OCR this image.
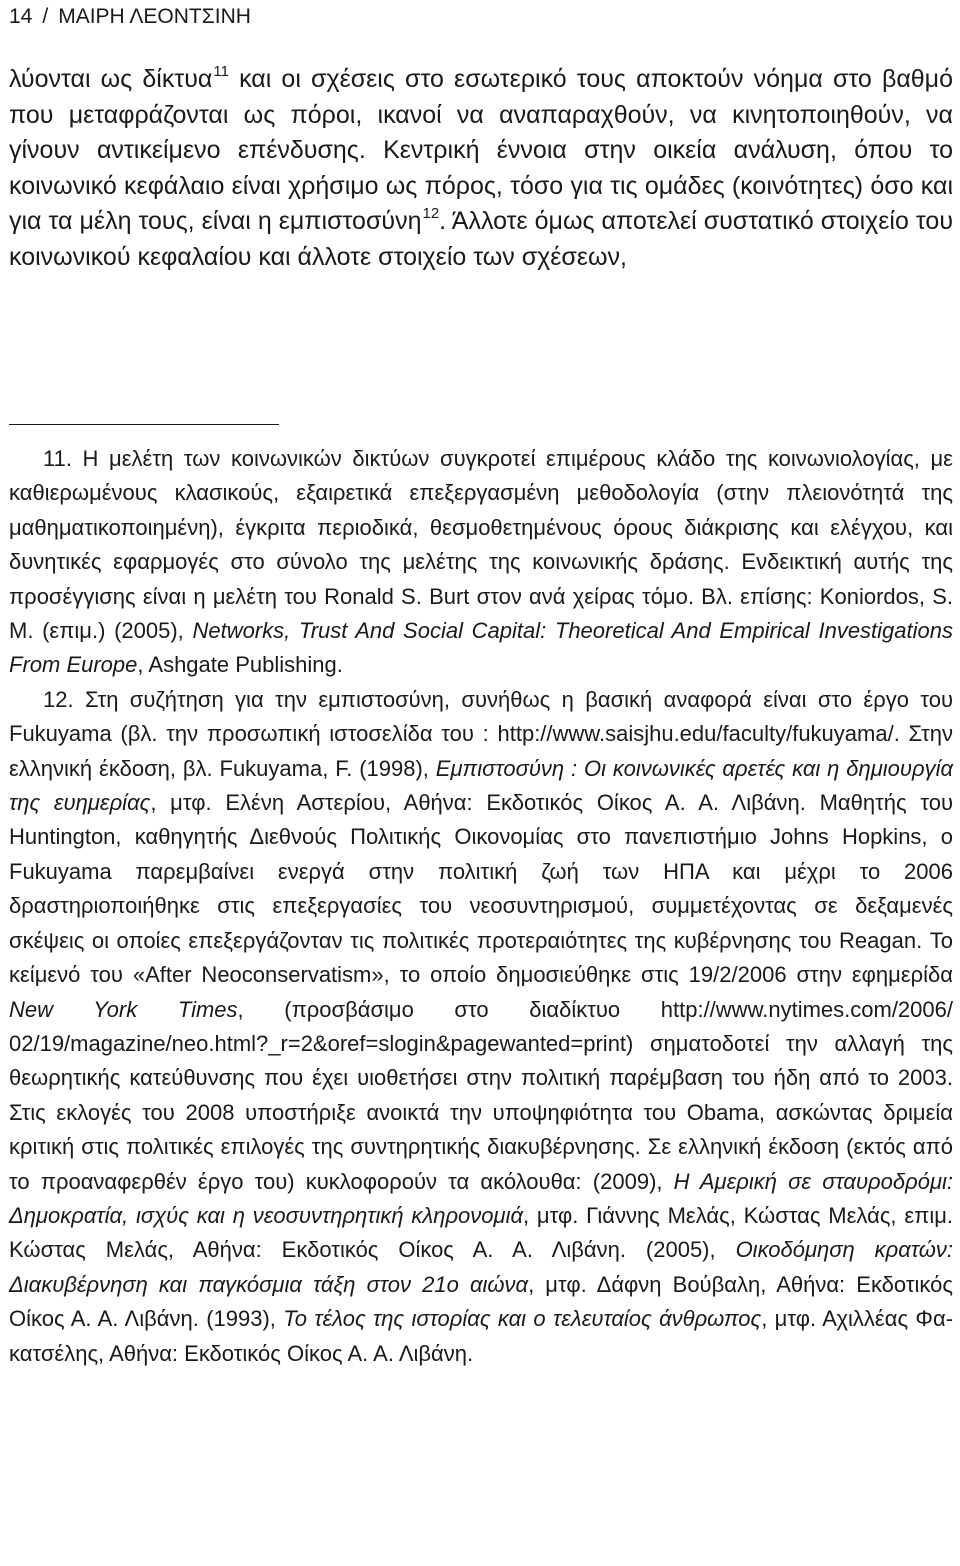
14 / ΜΑΙΡΗ ΛΕΟΝΤΣΙΝΗ

λύονται ως δίκτυα$^{11}$ και οι σχέσεις στο εσωτερικό τους αποκτούν νόημα στο βαθμό που μεταφράζονται ως πόροι, ικανοί να αναπαραχθούν, να κινητοποιηθούν, να γίνουν αντικείμενο επένδυσης. Κεντρική έννοια στην οικεία ανάλυση, όπου το κοινωνικό κεφάλαιο είναι χρήσιμο ως πόρος, τόσο για τις ομάδες (κοινότητες) όσο και για τα μέλη τους, είναι η εμπιστοσύνη$^{12}$. Άλλοτε όμως αποτελεί συστατικό στοιχείο του κοινωνικού κεφαλαίου και άλλοτε στοιχείο των σχέσεων,

11. Η μελέτη των κοινωνικών δικτύων συγκροτεί επιμέρους κλάδο της κοινωνιολογίας, με καθιερωμένους κλασικούς, εξαιρετικά επεξεργασμένη μεθοδολογία (στην πλειονότητά της μαθηματικοποιημένη), έγκριτα περιοδικά, θεσμοθετημένους όρους διάκρισης και ελέγχου, και δυνητικές εφαρμογές στο σύνολο της μελέτης της κοινωνικής δράσης. Ενδεικτική αυτής της προσέγγισης είναι η μελέτη του Ronald S. Burt στον ανά χείρας τόμο. Βλ. επίσης: Koniordos, S. M. (επιμ.) (2005), Networks, Trust And Social Capital: Theoretical And Empirical Investigations From Europe, Ashgate Publishing.

12. Στη συζήτηση για την εμπιστοσύνη, συνήθως η βασική αναφορά είναι στο έργο του Fukuyama (βλ. την προσωπική ιστοσελίδα του : http://www.saisjhu.edu/faculty/fukuyama/. Στην ελληνική έκδοση, βλ. Fukuyama, F. (1998), Εμπιστοσύνη : Οι κοινωνικές αρετές και η δημιουργία της ευημερίας, μτφ. Ελένη Αστερίου, Αθήνα: Εκδοτικός Οίκος Α. Α. Λιβάνη. Μαθητής του Huntington, καθηγητής Διεθνούς Πολιτικής Οικονομίας στο πανεπιστήμιο Johns Hopkins, ο Fukuyama παρεμβαίνει ενεργά στην πολιτική ζωή των ΗΠΑ και μέχρι το 2006 δραστηριοποιήθηκε στις επεξεργασίες του νεοσυντηρισμού, συμμετέχοντας σε δεξαμενές σκέψεις οι οποίες επεξεργάζονταν τις πολιτικές προτεραιότητες της κυβέρνησης του Reagan. Το κείμενό του «After Neoconservatism», το οποίο δημοσιεύθηκε στις 19/2/2006 στην εφημερίδα New York Times, (προσβάσιμο στο διαδίκτυο http://www.nytimes.com/2006/ 02/19/magazine/neo.html?_r=2&oref=slogin&pagewanted=print) σηματοδοτεί την αλλαγή της θεωρητικής κατεύθυνσης που έχει υιοθετήσει στην πολιτική παρέμβαση του ήδη από το 2003. Στις εκλογές του 2008 υποστήριξε ανοικτά την υποψηφιότητα του Obama, ασκώντας δριμεία κριτική στις πολιτικές επιλογές της συντηρητικής διακυβέρνησης. Σε ελληνική έκδοση (εκτός από το προαναφερθέν έργο του) κυκλοφορούν τα ακόλουθα: (2009), Η Αμερική σε σταυροδρόμι: Δημοκρατία, ισχύς και η νεοσυντηρητική κληρονομιά, μτφ. Γιάννης Μελάς, Κώστας Μελάς, επιμ. Κώστας Μελάς, Αθήνα: Εκδοτικός Οίκος Α. Α. Λιβάνη. (2005), Οικοδόμηση κρατών: Διακυβέρνηση και παγκόσμια τάξη στον 21ο αιώνα, μτφ. Δάφνη Βούβαλη, Αθήνα: Εκδοτικός Οίκος Α. Α. Λιβάνη. (1993), Το τέλος της ιστορίας και ο τελευταίος άνθρωπος, μτφ. Αχιλλέας Φακατσέλης, Αθήνα: Εκδοτικός Οίκος Α. Α. Λιβάνη.
